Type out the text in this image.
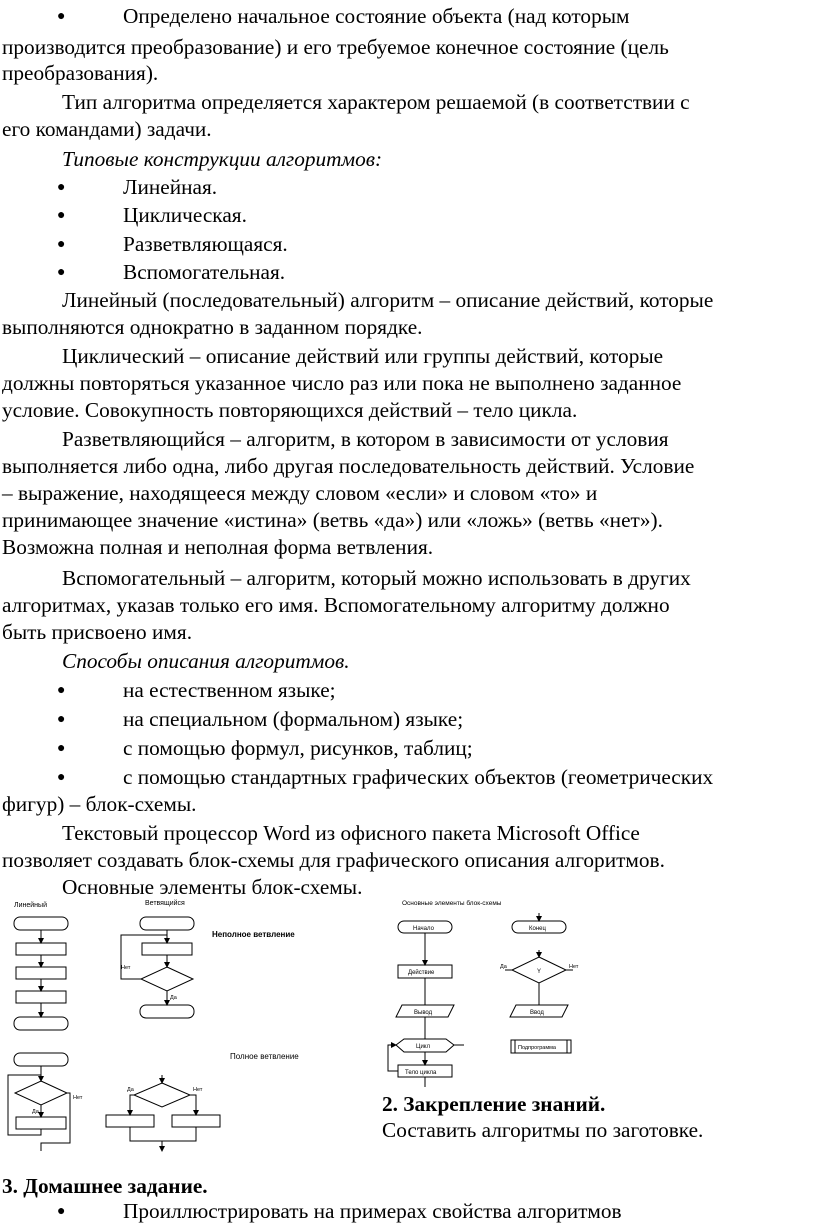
●	Определено начальное состояние объекта (над которым
производится преобразование) и его требуемое конечное состояние (цель
преобразования).
Тип алгоритма определяется характером решаемой (в соответствии с
его командами) задачи.
Типовые конструкции алгоритмов:
●	Линейная.
●	Циклическая.
●	Разветвляющаяся.
●	Вспомогательная.
Линейный (последовательный) алгоритм – описание действий, которые
выполняются однократно в заданном порядке.
Циклический – описание действий или группы действий, которые
должны повторяться указанное число раз или пока не выполнено заданное
условие. Совокупность повторяющихся действий – тело цикла.
Разветвляющийся – алгоритм, в котором в зависимости от условия
выполняется либо одна, либо другая последовательность действий. Условие
– выражение, находящееся между словом «если» и словом «то» и
принимающее значение «истина» (ветвь «да») или «ложь» (ветвь «нет»).
Возможна полная и неполная форма ветвления.
Вспомогательный – алгоритм, который можно использовать в других
алгоритмах, указав только его имя. Вспомогательному алгоритму должно
быть присвоено имя.
Способы описания алгоритмов.
●	на естественном языке;
●	на специальном (формальном) языке;
●	с помощью формул, рисунков, таблиц;
●	с помощью стандартных графических объектов (геометрических
фигур) – блок-схемы.
Текстовый процессор Word из офисного пакета Microsoft Office
позволяет создавать блок-схемы для графического описания алгоритмов.
Основные элементы блок-схемы.
Линейный	Ветвящийся
Неполное ветвление
Полное ветвление
Нет
Да
Нет
Да
Да	Нет
Основные элементы блок-схемы
Начало	Конец
Действие	Y
Да	Нет
Вывод	Ввод
Цикл	Подпрограмма
Тело цикла
2. Закрепление знаний.
Составить алгоритмы по заготовке.
3. Домашнее задание.
●	Проиллюстрировать на примерах свойства алгоритмов
